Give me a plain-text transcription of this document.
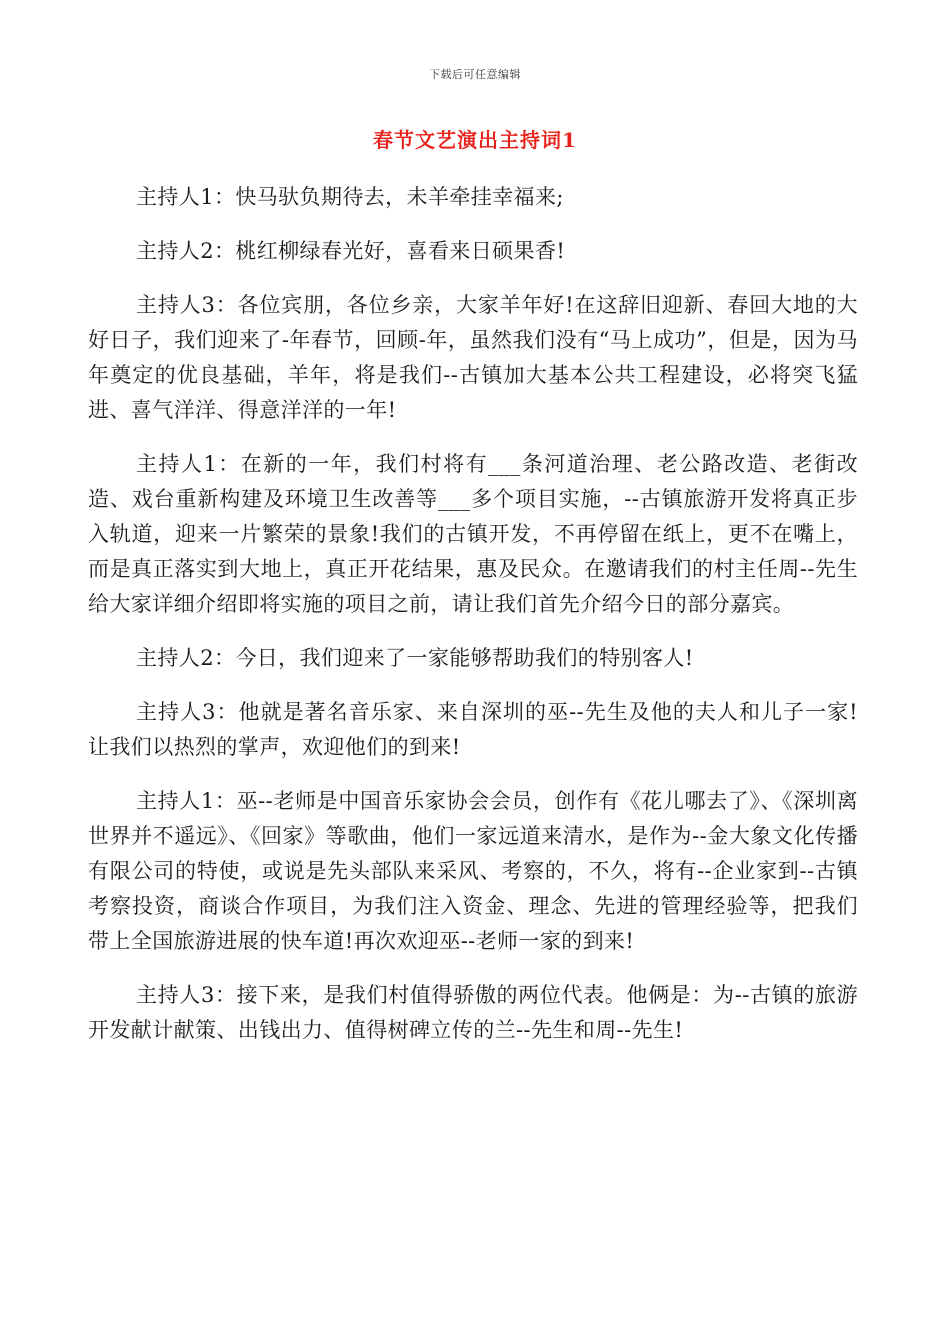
下载后可任意编辑
春节文艺演出主持词1

主持人1：快马驮负期待去，未羊牵挂幸福来;

主持人2：桃红柳绿春光好，喜看来日硕果香!

主持人3：各位宾朋，各位乡亲，大家羊年好!在这辞旧迎新、春回大地的大好日子，我们迎来了-年春节，回顾-年，虽然我们没有“马上成功”，但是，因为马年奠定的优良基础，羊年，将是我们--古镇加大基本公共工程建设，必将突飞猛进、喜气洋洋、得意洋洋的一年!

主持人1：在新的一年，我们村将有___条河道治理、老公路改造、老街改造、戏台重新构建及环境卫生改善等___多个项目实施，--古镇旅游开发将真正步入轨道，迎来一片繁荣的景象!我们的古镇开发，不再停留在纸上，更不在嘴上，而是真正落实到大地上，真正开花结果，惠及民众。在邀请我们的村主任周--先生给大家详细介绍即将实施的项目之前，请让我们首先介绍今日的部分嘉宾。

主持人2：今日，我们迎来了一家能够帮助我们的特别客人!

主持人3：他就是著名音乐家、来自深圳的巫--先生及他的夫人和儿子一家!让我们以热烈的掌声，欢迎他们的到来!

主持人1：巫--老师是中国音乐家协会会员，创作有《花儿哪去了》、《深圳离世界并不遥远》、《回家》等歌曲，他们一家远道来清水，是作为--金大象文化传播有限公司的特使，或说是先头部队来采风、考察的，不久，将有--企业家到--古镇考察投资，商谈合作项目，为我们注入资金、理念、先进的管理经验等，把我们带上全国旅游进展的快车道!再次欢迎巫--老师一家的到来!

主持人3：接下来，是我们村值得骄傲的两位代表。他俩是：为--古镇的旅游开发献计献策、出钱出力、值得树碑立传的兰--先生和周--先生!
